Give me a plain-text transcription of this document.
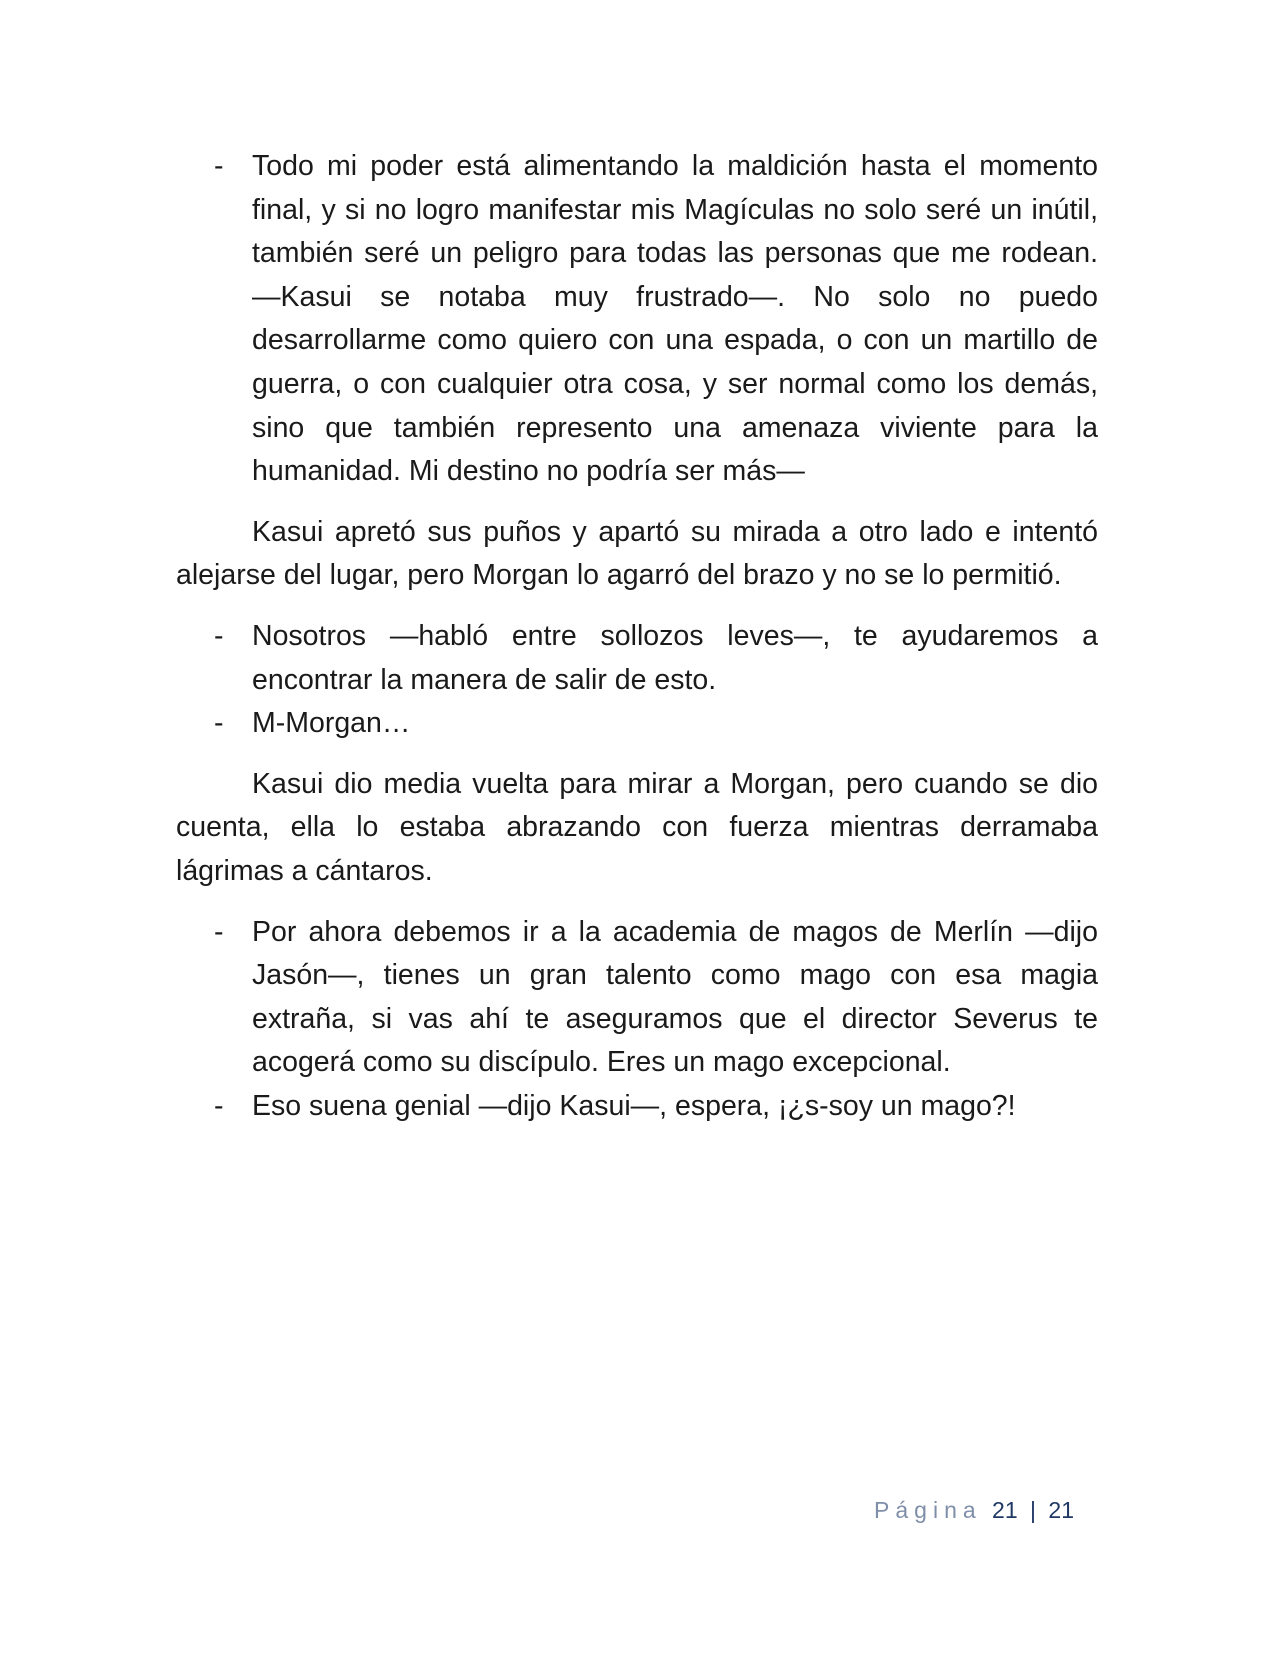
-	Todo mi poder está alimentando la maldición hasta el momento final, y si no logro manifestar mis Magículas no solo seré un inútil, también seré un peligro para todas las personas que me rodean. —Kasui se notaba muy frustrado—. No solo no puedo desarrollarme como quiero con una espada, o con un martillo de guerra, o con cualquier otra cosa, y ser normal como los demás, sino que también represento una amenaza viviente para la humanidad. Mi destino no podría ser más—

Kasui apretó sus puños y apartó su mirada a otro lado e intentó alejarse del lugar, pero Morgan lo agarró del brazo y no se lo permitió.

-	Nosotros —habló entre sollozos leves—, te ayudaremos a encontrar la manera de salir de esto.
-	M-Morgan…

Kasui dio media vuelta para mirar a Morgan, pero cuando se dio cuenta, ella lo estaba abrazando con fuerza mientras derramaba lágrimas a cántaros.

-	Por ahora debemos ir a la academia de magos de Merlín —dijo Jasón—, tienes un gran talento como mago con esa magia extraña, si vas ahí te aseguramos que el director Severus te acogerá como su discípulo. Eres un mago excepcional.
-	Eso suena genial —dijo Kasui—, espera, ¡¿s-soy un mago?!
Página 21 | 21
